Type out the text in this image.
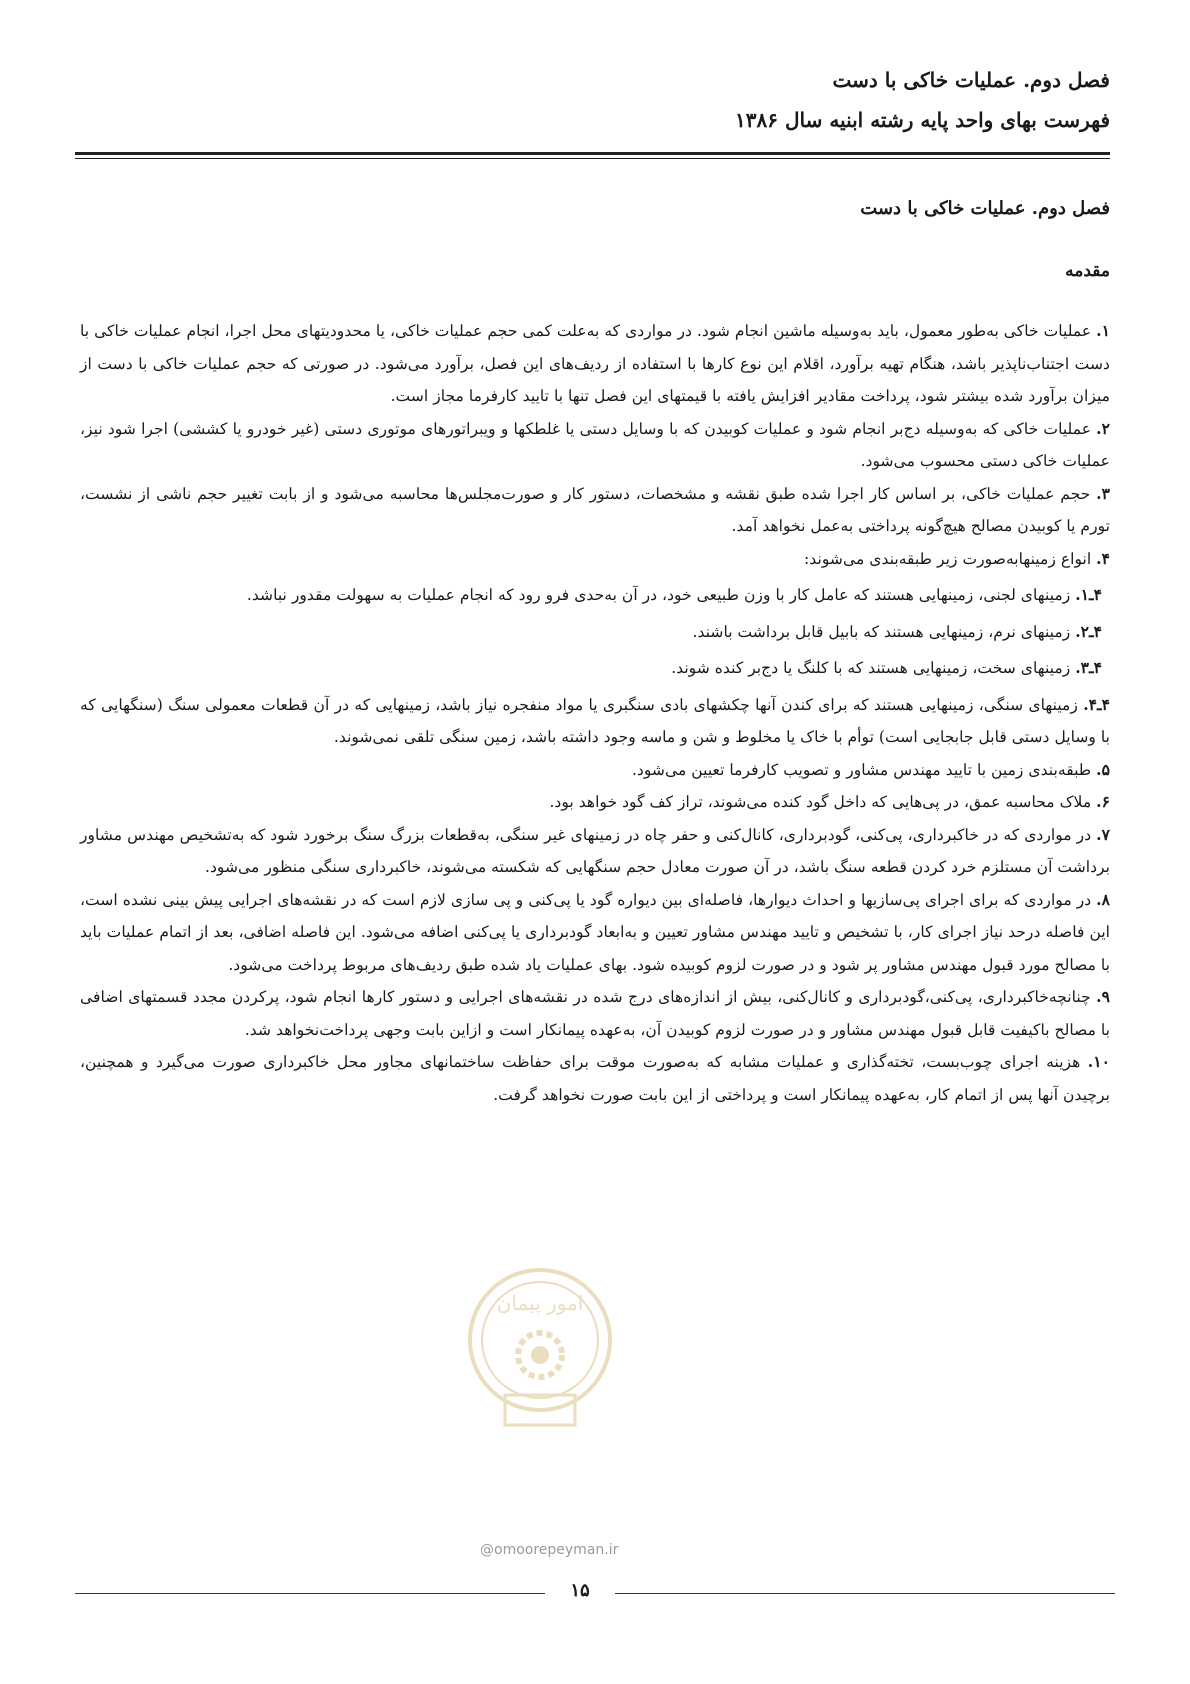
فصل دوم. عملیات خاکی با دست
فهرست بهای واحد پایه رشته ابنیه سال ۱۳۸۶
فصل دوم. عملیات خاکی با دست
مقدمه

۱. عملیات خاکی به‌طور معمول، باید به‌وسیله ماشین انجام شود. در مواردی که به‌علت کمی حجم عملیات خاکی، یا محدودیتهای محل اجرا، انجام عملیات خاکی با دست اجتناب‌ناپذیر باشد، هنگام تهیه برآورد، اقلام این نوع کارها با استفاده از ردیف‌های این فصل، برآورد می‌شود. در صورتی که حجم عملیات خاکی با دست از میزان برآورد شده بیشتر شود، پرداخت مقادیر افزایش یافته با قیمتهای این فصل تنها با تایید کارفرما مجاز است.

۲. عملیات خاکی که به‌وسیله دج‌بر انجام شود و عملیات کوبیدن که با وسایل دستی یا غلطکها و ویبراتورهای موتوری دستی (غیر خودرو یا کششی) اجرا شود نیز، عملیات خاکی دستی محسوب می‌شود.

۳. حجم عملیات خاکی، بر اساس کار اجرا شده طبق نقشه و مشخصات، دستور کار و صورت‌مجلس‌ها محاسبه می‌شود و از بابت تغییر حجم ناشی از نشست، تورم یا کوبیدن مصالح هیچ‌گونه پرداختی به‌عمل نخواهد آمد.

۴. انواع زمینها‌به‌صورت زیر طبقه‌بندی می‌شوند:

۴ـ۱. زمینهای لجنی، زمینهایی هستند که عامل کار با وزن طبیعی خود، در آن به‌حدی فرو رود که انجام عملیات به سهولت مقدور نباشد.

۴ـ۲. زمینهای نرم، زمینهایی هستند که بابیل قابل برداشت باشند.

۴ـ۳. زمینهای سخت، زمینهایی هستند که با کلنگ یا دج‌بر کنده شوند.

۴ـ۴. زمینهای سنگی، زمینهایی هستند که برای کندن آنها چکشهای بادی سنگبری یا مواد منفجره نیاز باشد، زمینهایی که در آن قطعات معمولی سنگ (سنگهایی که با وسایل دستی قابل جابجایی است) توأم با خاک یا مخلوط و شن و ماسه وجود داشته باشد، زمین سنگی تلقی نمی‌شوند.

۵. طبقه‌بندی زمین با تایید مهندس مشاور و تصویب کارفرما تعیین می‌شود.

۶. ملاک محاسبه عمق، در پی‌هایی که داخل گود کنده می‌شوند، تراز کف گود خواهد بود.

۷. در مواردی که در خاکبرداری، پی‌کنی، گودبرداری، کانال‌کنی و حفر چاه در زمینهای غیر سنگی، به‌قطعات بزرگ سنگ برخورد شود که به‌تشخیص مهندس مشاور برداشت آن مستلزم خرد کردن قطعه سنگ باشد، در آن صورت معادل حجم سنگهایی که شکسته می‌شوند، خاکبرداری سنگی منظور می‌شود.

۸. در مواردی که برای اجرای پی‌سازیها و احداث دیوارها، فاصله‌ای بین دیواره گود یا پی‌کنی و پی سازی لازم است که در نقشه‌های اجرایی پیش بینی نشده است، این فاصله درحد نیاز اجرای کار، با تشخیص و تایید مهندس مشاور تعیین و به‌ابعاد گودبرداری یا پی‌کنی اضافه می‌شود. این فاصله اضافی، بعد از اتمام عملیات باید با مصالح مورد قبول مهندس مشاور پر شود و در صورت لزوم کوبیده شود. بهای عملیات یاد شده طبق ردیف‌های مربوط پرداخت می‌شود.

۹. چنانچه‌خاکبرداری، پی‌کنی،گودبرداری و کانال‌کنی، بیش از اندازه‌های درج شده در نقشه‌های اجرایی و دستور کارها انجام شود، پرکردن مجدد قسمتهای اضافی با مصالح باکیفیت قابل قبول مهندس مشاور و در صورت لزوم کوبیدن آن، به‌عهده پیمانکار است و ازاین بابت وجهی پرداخت‌نخواهد شد.

۱۰. هزینه اجرای چوب‌بست، تخته‌گذاری و عملیات مشابه که به‌صورت موقت برای حفاظت ساختمانهای مجاور محل خاکبرداری صورت می‌گیرد و همچنین، برچیدن آنها پس از اتمام کار، به‌عهده پیمانکار است و پرداختی از این بابت صورت نخواهد گرفت.

امور پیمان
@omoorepeyman.ir
۱۵
